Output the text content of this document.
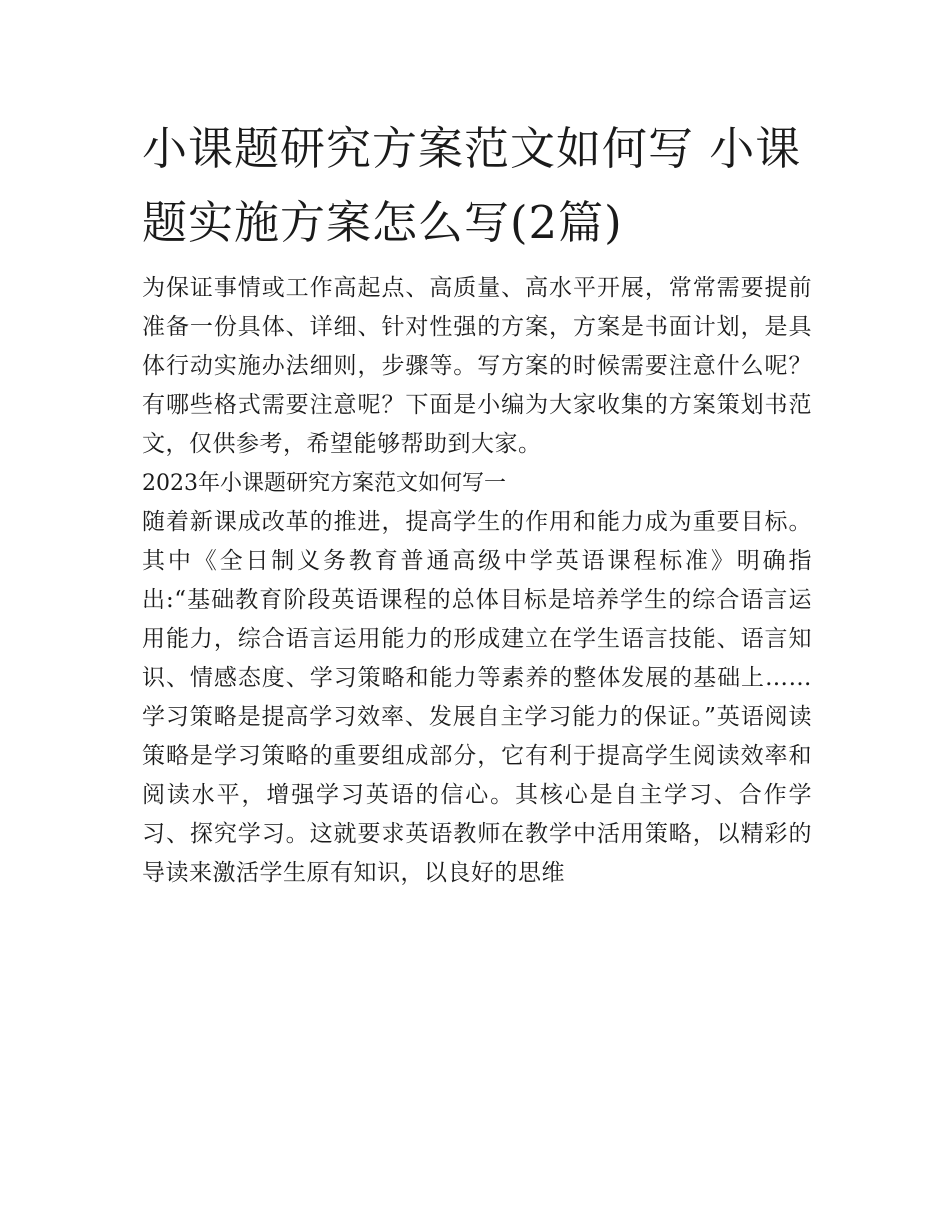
小课题研究方案范文如何写 小课题实施方案怎么写(2篇)

为保证事情或工作高起点、高质量、高水平开展，常常需要提前准备一份具体、详细、针对性强的方案，方案是书面计划，是具体行动实施办法细则，步骤等。写方案的时候需要注意什么呢？有哪些格式需要注意呢？下面是小编为大家收集的方案策划书范文，仅供参考，希望能够帮助到大家。

2023年小课题研究方案范文如何写一

随着新课成改革的推进，提高学生的作用和能力成为重要目标。其中《全日制义务教育普通高级中学英语课程标准》明确指出:“基础教育阶段英语课程的总体目标是培养学生的综合语言运用能力，综合语言运用能力的形成建立在学生语言技能、语言知识、情感态度、学习策略和能力等素养的整体发展的基础上……学习策略是提高学习效率、发展自主学习能力的保证。”英语阅读策略是学习策略的重要组成部分，它有利于提高学生阅读效率和阅读水平，增强学习英语的信心。其核心是自主学习、合作学习、探究学习。这就要求英语教师在教学中活用策略，以精彩的导读来激活学生原有知识，以良好的思维
